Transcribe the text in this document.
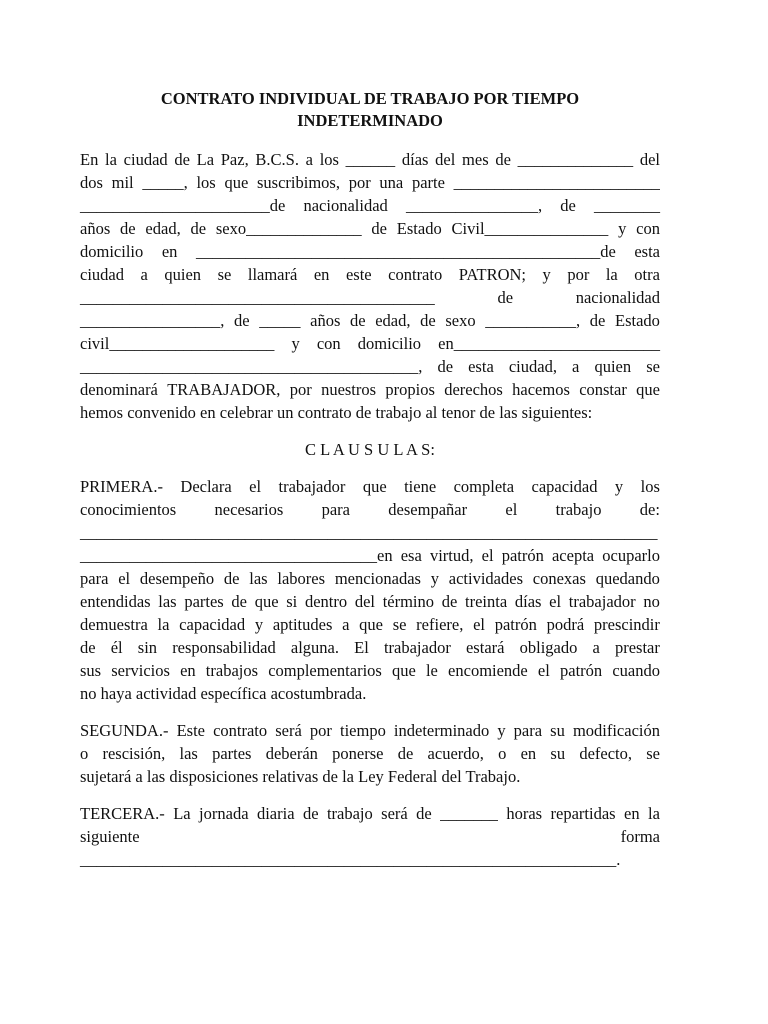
CONTRATO INDIVIDUAL DE TRABAJO POR TIEMPO
INDETERMINADO
En la ciudad de La Paz, B.C.S. a los ______ días del mes de ______________ del
dos mil _____, los que suscribimos, por una parte _________________________
_______________________de nacionalidad ________________, de ________
años de edad, de sexo______________ de Estado Civil_______________ y con
domicilio en _________________________________________________de esta
ciudad a quien se llamará en este contrato PATRON; y por la otra
___________________________________________	de	nacionalidad
_________________, de _____ años de edad, de sexo ___________, de Estado
civil____________________ y con domicilio en_________________________
_________________________________________, de esta ciudad, a quien se
denominará TRABAJADOR, por nuestros propios derechos hacemos constar que
hemos convenido en celebrar un contrato de trabajo al tenor de las siguientes:
C L A U S U L A S:
PRIMERA.- Declara el trabajador que tiene completa capacidad y los
conocimientos necesarios para desempañar el trabajo de:
______________________________________________________________________
____________________________________en esa virtud, el patrón acepta ocuparlo
para el desempeño de las labores mencionadas y actividades conexas quedando
entendidas las partes de que si dentro del término de treinta días el trabajador no
demuestra la capacidad y aptitudes a que se refiere, el patrón podrá prescindir
de él sin responsabilidad alguna. El trabajador estará obligado a prestar
sus servicios en trabajos complementarios que le encomiende el patrón cuando
no haya actividad específica acostumbrada.
SEGUNDA.- Este contrato será por tiempo indeterminado y para su modificación
o rescisión, las partes deberán ponerse de acuerdo, o en su defecto, se
sujetará a las disposiciones relativas de la Ley Federal del Trabajo.
TERCERA.- La jornada diaria de trabajo será de _______ horas repartidas en la
siguiente	forma
_________________________________________________________________.
